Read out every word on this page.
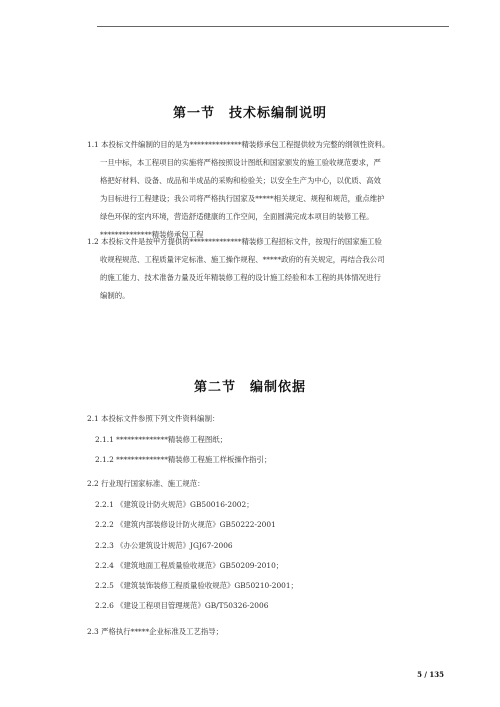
第一节 技术标编制说明
1.1 本投标文件编制的目的是为**************精装修承包工程提供较为完整的纲领性资料。
一旦中标，本工程项目的实施将严格按照设计图纸和国家颁发的施工验收规范要求，严
格把好材料、设备、成品和半成品的采购和检验关；以安全生产为中心，以优质、高效
为目标进行工程建设；我公司将严格执行国家及*****相关规定、规程和规范，重点维护
绿色环保的室内环境，营造舒适健康的工作空间，全面圆满完成本项目的装修工程。
**************精装修承包工程
1.2 本投标文件是按甲方提供的**************精装修工程招标文件，按现行的国家施工验
收规程规范、工程质量评定标准、施工操作规程、*****政府的有关规定，再结合我公司
的施工能力、技术准备力量及近年精装修工程的设计施工经验和本工程的具体情况进行
编制的。
第二节 编制依据

2.1 本投标文件参照下列文件资料编制：

2.1.1 **************精装修工程图纸；

2.1.2 **************精装修工程施工样板操作指引；

2.2 行业现行国家标准、施工规范：

2.2.1 《建筑设计防火规范》GB50016-2002；

2.2.2 《建筑内部装修设计防火规范》GB50222-2001

2.2.3 《办公建筑设计规范》JGJ67-2006

2.2.4 《建筑地面工程质量验收规范》GB50209-2010；

2.2.5 《建筑装饰装修工程质量验收规范》GB50210-2001；

2.2.6 《建设工程项目管理规范》GB/T50326-2006

2.3 严格执行*****企业标准及工艺指导；

5 / 135
